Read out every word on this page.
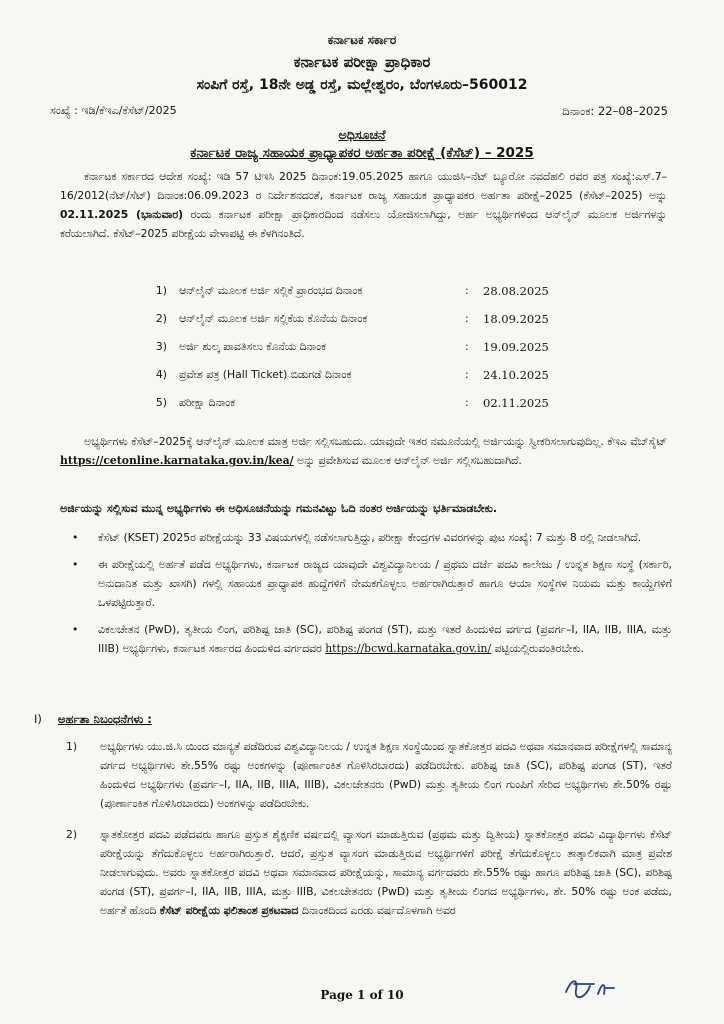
ಕರ್ನಾಟಕ ಸರ್ಕಾರ
ಕರ್ನಾಟಕ ಪರೀಕ್ಷಾ ಪ್ರಾಧಿಕಾರ
ಸಂಪಿಗೆ ರಸ್ತೆ, 18ನೇ ಅಡ್ಡ ರಸ್ತೆ, ಮಲ್ಲೇಶ್ವರಂ, ಬೆಂಗಳೂರು–560012
ಸಂಖ್ಯೆ : ಇಡಿ/ಕೆಇಎ/ಕೆಸೆಟ್/2025	ದಿನಾಂಕ: 22–08–2025
ಅಧಿಸೂಚನೆ
ಕರ್ನಾಟಕ ರಾಜ್ಯ ಸಹಾಯಕ ಪ್ರಾಧ್ಯಾಪಕರ ಅರ್ಹತಾ ಪರೀಕ್ಷೆ (ಕೆಸೆಟ್) – 2025
ಕರ್ನಾಟಕ ಸರ್ಕಾರದ ಆದೇಶ ಸಂಖ್ಯೆ: ಇಡಿ 57 ಟಿಇಸಿ 2025 ದಿನಾಂಕ:19.05.2025 ಹಾಗೂ ಯುಜಿಸಿ–ನೆಟ್ ಬ್ಯೂರೋ ನವದೆಹಲಿ ರವರ ಪತ್ರ ಸಂಖ್ಯೆ:ಎಸ್.7–16/2012(ನೆಟ್/ಸೆಟ್) ದಿನಾಂಕ:06.09.2023 ರ ನಿರ್ದೇಶನದಂತೆ, ಕರ್ನಾಟಕ ರಾಜ್ಯ ಸಹಾಯಕ ಪ್ರಾಧ್ಯಾಪಕರ ಅರ್ಹತಾ ಪರೀಕ್ಷೆ–2025 (ಕೆಸೆಟ್–2025) ಅನ್ನು 02.11.2025 (ಭಾನುವಾರ) ರಂದು ಕರ್ನಾಟಕ ಪರೀಕ್ಷಾ ಪ್ರಾಧಿಕಾರದಿಂದ ನಡೆಸಲು ಯೋಜಿಸಲಾಗಿದ್ದು, ಅರ್ಹ ಅಭ್ಯರ್ಥಿಗಳಿಂದ ಆನ್‌ಲೈನ್ ಮೂಲಕ ಅರ್ಜಿಗಳನ್ನು ಕರೆಯಲಾಗಿದೆ. ಕೆಸೆಟ್–2025 ಪರೀಕ್ಷೆಯ ವೇಳಾಪಟ್ಟಿ ಈ ಕೆಳಗಿನಂತಿದೆ.
1) ಆನ್‌ಲೈನ್ ಮೂಲಕ ಅರ್ಜಿ ಸಲ್ಲಿಕೆ ಪ್ರಾರಂಭದ ದಿನಾಂಕ	: 28.08.2025
2) ಆನ್‌ಲೈನ್ ಮೂಲಕ ಅರ್ಜಿ ಸಲ್ಲಿಕೆಯ ಕೊನೆಯ ದಿನಾಂಕ	: 18.09.2025
3) ಅರ್ಜಿ ಶುಲ್ಕ ಪಾವತಿಸಲು ಕೊನೆಯ ದಿನಾಂಕ	: 19.09.2025
4) ಪ್ರವೇಶ ಪತ್ರ (Hall Ticket) ಬಿಡುಗಡೆ ದಿನಾಂಕ	: 24.10.2025
5) ಪರೀಕ್ಷಾ ದಿನಾಂಕ	: 02.11.2025
ಅಭ್ಯರ್ಥಿಗಳು ಕೆಸೆಟ್–2025ಕ್ಕೆ ಆನ್‌ಲೈನ್ ಮೂಲಕ ಮಾತ್ರ ಅರ್ಜಿ ಸಲ್ಲಿಸಬಹುದು. ಯಾವುದೇ ಇತರ ನಮೂನೆಯಲ್ಲಿ ಅರ್ಜಿಯನ್ನು ಸ್ವೀಕರಿಸಲಾಗುವುದಿಲ್ಲ. ಕೆಇಎ ವೆಬ್‌ಸೈಟ್ https://cetonline.karnataka.gov.in/kea/ ಅನ್ನು ಪ್ರವೇಶಿಸುವ ಮೂಲಕ ಆನ್‌ಲೈನ್ ಅರ್ಜಿ ಸಲ್ಲಿಸಬಹುದಾಗಿದೆ.
ಅರ್ಜಿಯನ್ನು ಸಲ್ಲಿಸುವ ಮುನ್ನ ಅಭ್ಯರ್ಥಿಗಳು ಈ ಅಧಿಸೂಚನೆಯನ್ನು ಗಮನವಿಟ್ಟು ಓದಿ ನಂತರ ಅರ್ಜಿಯನ್ನು ಭರ್ತಿಮಾಡಬೇಕು.
• ಕೆಸೆಟ್ (KSET) 2025ರ ಪರೀಕ್ಷೆಯನ್ನು 33 ವಿಷಯಗಳಲ್ಲಿ ನಡೆಸಲಾಗುತ್ತಿದ್ದು, ಪರೀಕ್ಷಾ ಕೇಂದ್ರಗಳ ವಿವರಗಳನ್ನು ಪುಟ ಸಂಖ್ಯೆ: 7 ಮತ್ತು 8 ರಲ್ಲಿ ನೀಡಲಾಗಿದೆ.
• ಈ ಪರೀಕ್ಷೆಯಲ್ಲಿ ಅರ್ಹತೆ ಪಡೆದ ಅಭ್ಯರ್ಥಿಗಳು, ಕರ್ನಾಟಕ ರಾಜ್ಯದ ಯಾವುದೇ ವಿಶ್ವವಿದ್ಯಾನಿಲಯ / ಪ್ರಥಮ ದರ್ಜೆ ಪದವಿ ಕಾಲೇಜು / ಉನ್ನತ ಶಿಕ್ಷಣ ಸಂಸ್ಥೆ (ಸರ್ಕಾರಿ, ಅನುದಾನಿತ ಮತ್ತು ಖಾಸಗಿ) ಗಳಲ್ಲಿ ಸಹಾಯಕ ಪ್ರಾಧ್ಯಾಪಕ ಹುದ್ದೆಗಳಿಗೆ ನೇಮಕಗೊಳ್ಳಲು ಅರ್ಹರಾಗಿರುತ್ತಾರೆ ಹಾಗೂ ಆಯಾ ಸಂಸ್ಥೆಗಳ ನಿಯಮ ಮತ್ತು ಕಾಯ್ದೆಗಳಿಗೆ ಒಳಪಟ್ಟಿರುತ್ತಾರೆ.
• ವಿಕಲಚೇತನ (PwD), ತೃತೀಯ ಲಿಂಗ, ಪರಿಶಿಷ್ಟ ಜಾತಿ (SC), ಪರಿಶಿಷ್ಟ ಪಂಗಡ (ST), ಮತ್ತು ಇತರೆ ಹಿಂದುಳಿದ ವರ್ಗದ (ಪ್ರವರ್ಗ–I, IIA, IIB, IIIA, ಮತ್ತು IIIB) ಅಭ್ಯರ್ಥಿಗಳು, ಕರ್ನಾಟಕ ಸರ್ಕಾರದ ಹಿಂದುಳಿದ ವರ್ಗದವರ https://bcwd.karnataka.gov.in/ ಪಟ್ಟಿಯಲ್ಲಿರುವಂತಿರಬೇಕು.
I) ಅರ್ಹತಾ ನಿಬಂಧನೆಗಳು :
1) ಅಭ್ಯರ್ಥಿಗಳು ಯು.ಜಿ.ಸಿ ಯಿಂದ ಮಾನ್ಯತೆ ಪಡೆದಿರುವ ವಿಶ್ವವಿದ್ಯಾನಿಲಯ / ಉನ್ನತ ಶಿಕ್ಷಣ ಸಂಸ್ಥೆಯಿಂದ ಸ್ನಾತಕೋತ್ತರ ಪದವಿ ಅಥವಾ ಸಮಾನವಾದ ಪರೀಕ್ಷೆಗಳಲ್ಲಿ ಸಾಮಾನ್ಯ ವರ್ಗದ ಅಭ್ಯರ್ಥಿಗಳು ಶೇ.55% ರಷ್ಟು ಅಂಕಗಳನ್ನು (ಪೂರ್ಣಾಂಕಿತ ಗೊಳಿಸಿರಬಾರದು) ಪಡೆದಿರಬೇಕು. ಪರಿಶಿಷ್ಟ ಜಾತಿ (SC), ಪರಿಶಿಷ್ಟ ಪಂಗಡ (ST), ಇತರೆ ಹಿಂದುಳಿದ ಅಭ್ಯರ್ಥಿಗಳು (ಪ್ರವರ್ಗ–I, IIA, IIB, IIIA, IIIB), ವಿಕಲಚೇತನರು (PwD) ಮತ್ತು ತೃತೀಯ ಲಿಂಗ ಗುಂಪಿಗೆ ಸೇರಿದ ಅಭ್ಯರ್ಥಿಗಳು ಶೇ.50% ರಷ್ಟು (ಪೂರ್ಣಾಂಕಿತ ಗೊಳಿಸಿರಬಾರದು) ಅಂಕಗಳನ್ನು ಪಡೆದಿರಬೇಕು.
2) ಸ್ನಾತಕೋತ್ತರ ಪದವಿ ಪಡೆದವರು ಹಾಗೂ ಪ್ರಸ್ತುತ ಶೈಕ್ಷಣಿಕ ವರ್ಷದಲ್ಲಿ ವ್ಯಾಸಂಗ ಮಾಡುತ್ತಿರುವ (ಪ್ರಥಮ ಮತ್ತು ದ್ವಿತೀಯ) ಸ್ನಾತಕೋತ್ತರ ಪದವಿ ವಿದ್ಯಾರ್ಥಿಗಳು ಕೆಸೆಟ್ ಪರೀಕ್ಷೆಯನ್ನು ತೆಗೆದುಕೊಳ್ಳಲು ಅರ್ಹರಾಗಿರುತ್ತಾರೆ. ಆದರೆ, ಪ್ರಸ್ತುತ ವ್ಯಾಸಂಗ ಮಾಡುತ್ತಿರುವ ಅಭ್ಯರ್ಥಿಗಳಿಗೆ ಪರೀಕ್ಷೆ ತೆಗೆದುಕೊಳ್ಳಲು ತಾತ್ಕಾಲಿಕವಾಗಿ ಮಾತ್ರ ಪ್ರವೇಶ ನೀಡಲಾಗುವುದು. ಅವರು ಸ್ನಾತಕೋತ್ತರ ಪದವಿ ಅಥವಾ ಸಮಾನವಾದ ಪರೀಕ್ಷೆಯನ್ನು, ಸಾಮಾನ್ಯ ವರ್ಗದವರು ಶೇ.55% ರಷ್ಟು ಹಾಗೂ ಪರಿಶಿಷ್ಟ ಜಾತಿ (SC), ಪರಿಶಿಷ್ಟ ಪಂಗಡ (ST), ಪ್ರವರ್ಗ–I, IIA, IIB, IIIA, ಮತ್ತು IIIB, ವಿಕಲಚೇತನರು (PwD) ಮತ್ತು ತೃತೀಯ ಲಿಂಗದ ಅಭ್ಯರ್ಥಿಗಳು, ಶೇ. 50% ರಷ್ಟು ಅಂಕ ಪಡೆದು, ಅರ್ಹತೆ ಹೊಂದಿ ಕೆಸೆಟ್ ಪರೀಕ್ಷೆಯ ಫಲಿತಾಂಶ ಪ್ರಕಟವಾದ ದಿನಾಂಕದಿಂದ ಎರಡು ವರ್ಷದೊಳಗಾಗಿ ಅವರ
Page 1 of 10
